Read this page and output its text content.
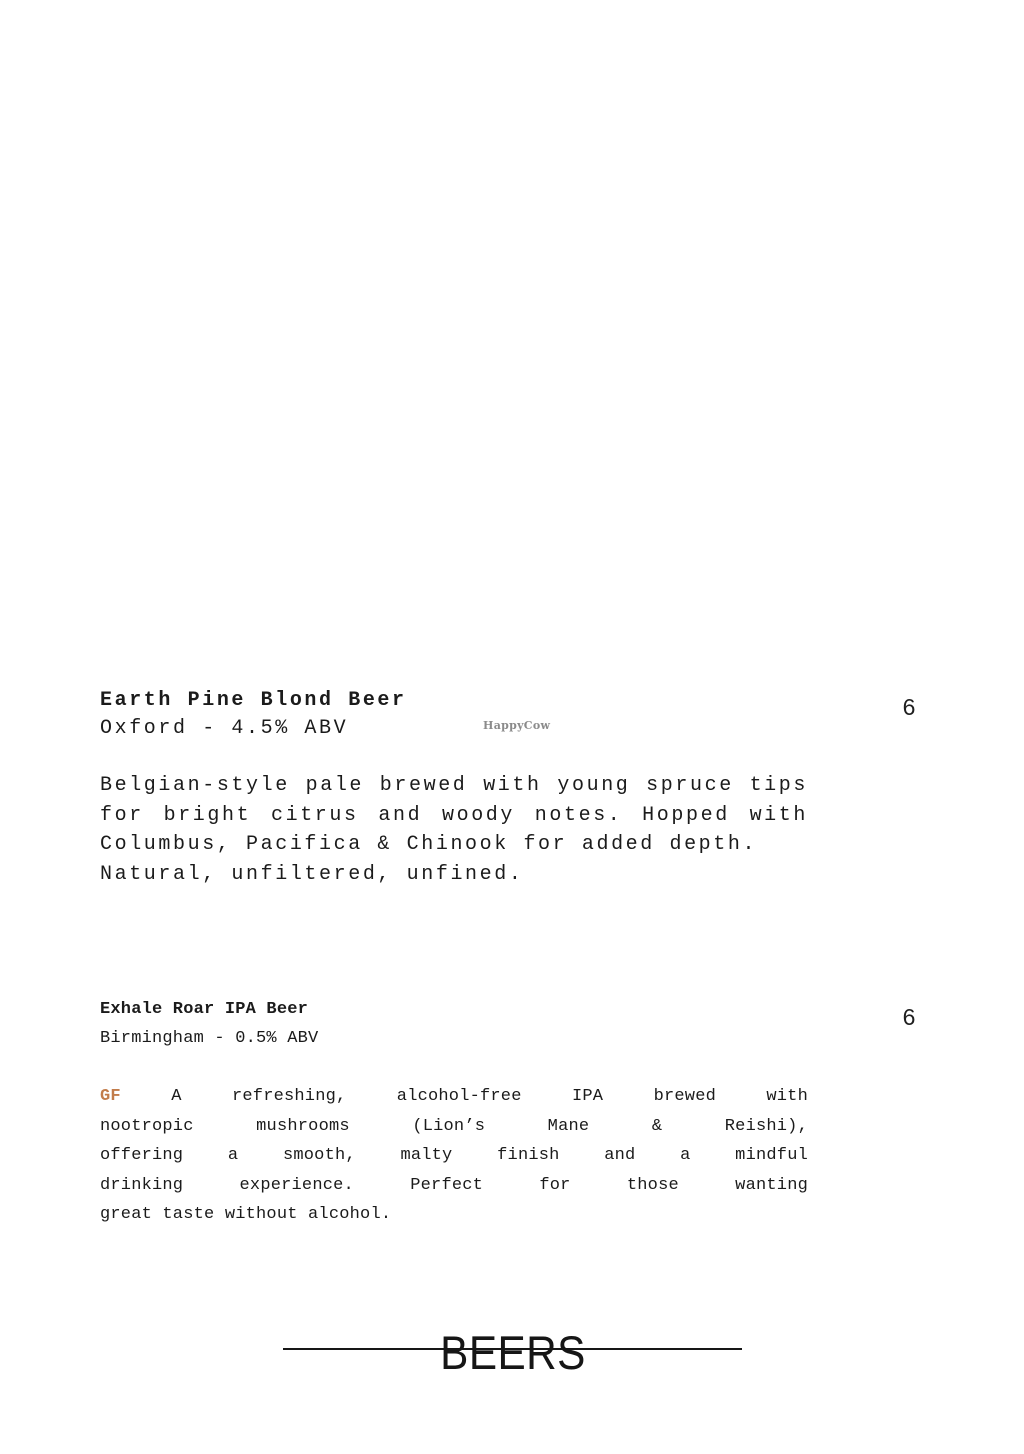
Earth Pine Blond Beer
Oxford - 4.5% ABV	HappyCow
6
Belgian-style pale brewed with young spruce tips
for bright citrus and woody notes. Hopped with
Columbus, Pacifica & Chinook for added depth.
Natural, unfiltered, unfined.
Exhale Roar IPA Beer
Birmingham - 0.5% ABV
6
GF A refreshing, alcohol-free IPA brewed with
nootropic mushrooms (Lion’s Mane & Reishi),
offering a smooth, malty finish and a mindful
drinking experience. Perfect for those wanting
great taste without alcohol.
BEERS
